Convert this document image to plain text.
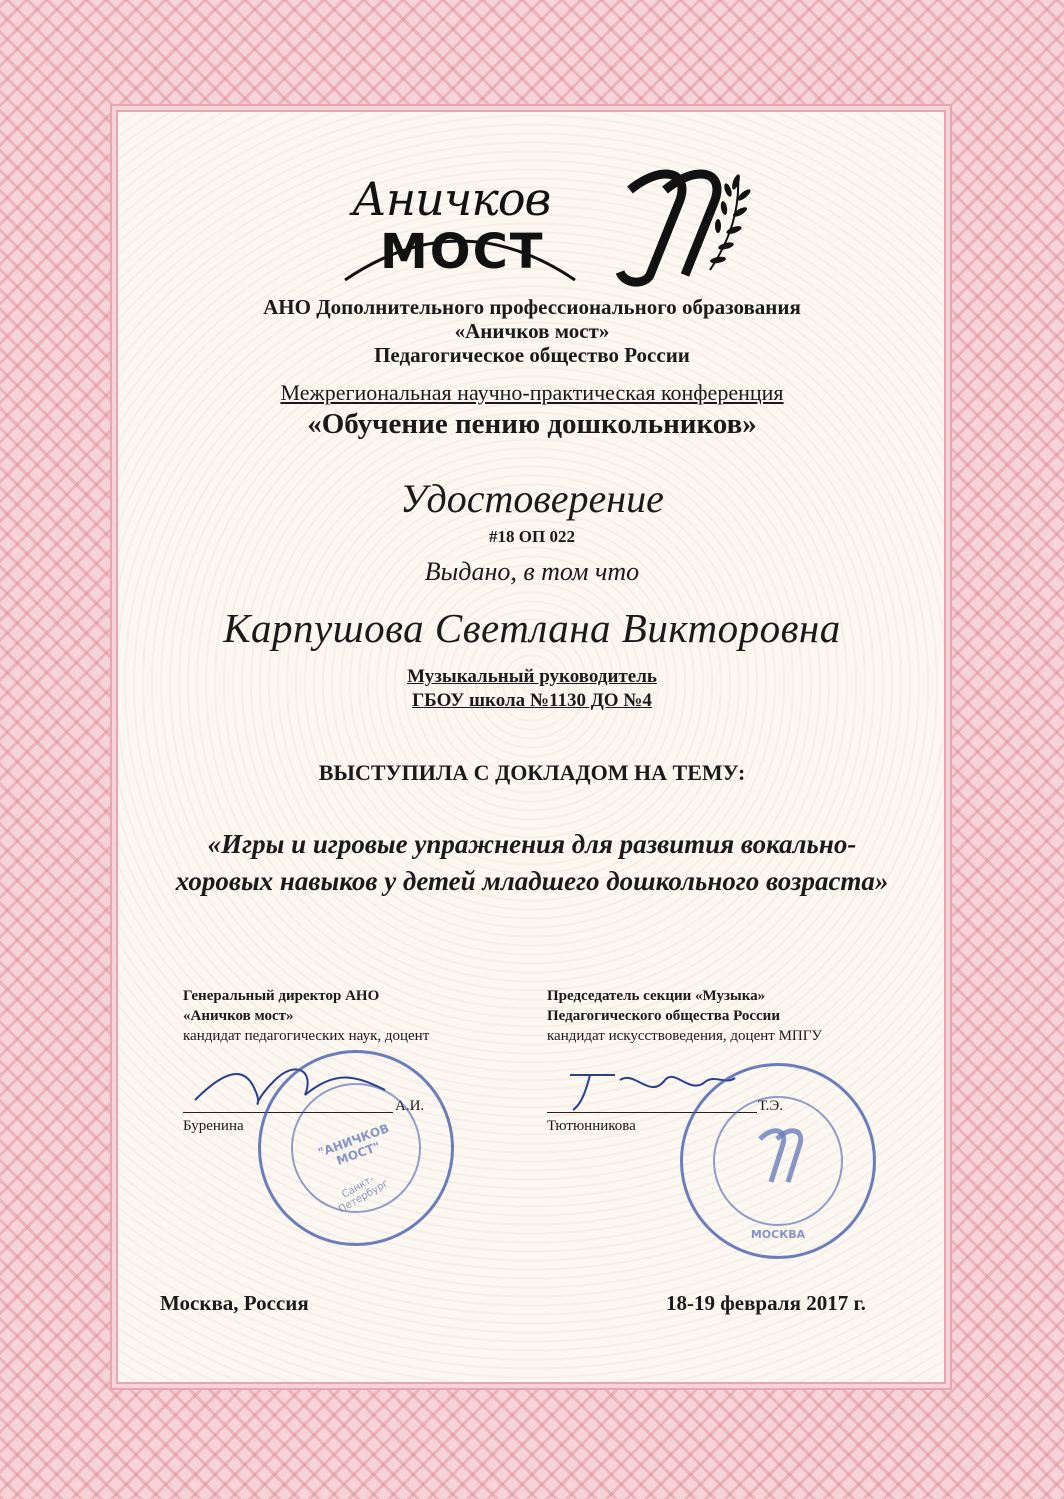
Аничков
МОСТ
АНО Дополнительного профессионального образования
«Аничков мост»
Педагогическое общество России
Межрегиональная научно-практическая конференция
«Обучение пению дошкольников»
Удостоверение
#18 ОП 022
Выдано, в том что
Карпушова Светлана Викторовна
Музыкальный руководитель
ГБОУ школа №1130 ДО №4
ВЫСТУПИЛА С ДОКЛАДОМ НА ТЕМУ:
«Игры и игровые упражнения для развития вокально-
хоровых навыков у детей младшего дошкольного возраста»
Генеральный директор АНО
«Аничков мост»
кандидат педагогических наук, доцент
А.И.
Буренина	"АНИЧКОВ МОСТ"
Санкт-Петербург
Председатель секции «Музыка»
Педагогического общества России
кандидат искусствоведения, доцент МПГУ
Т.Э.
Тютюнникова
МОСКВА
Москва, Россия	18-19 февраля 2017 г.
